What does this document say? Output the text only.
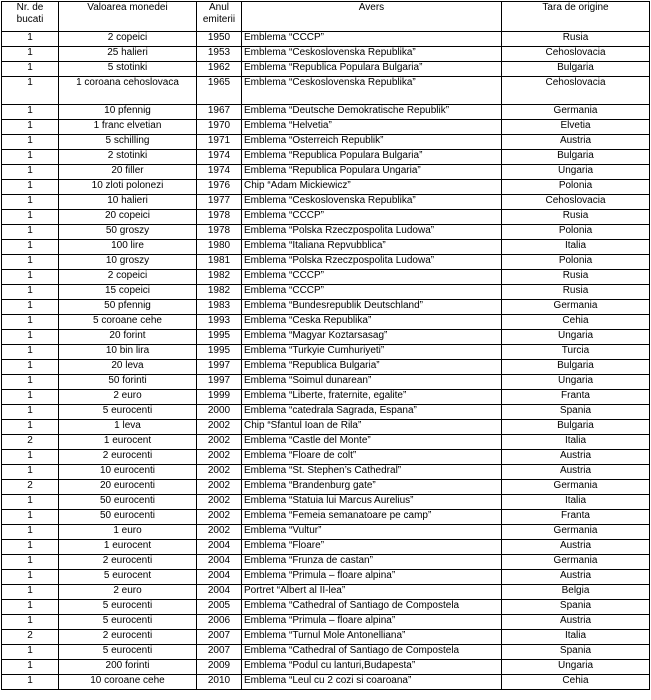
Nr. de bucati	Valoarea monedei	Anul emiterii	Avers	Tara de origine
1	2 copeici	1950	Emblema “CCCP”	Rusia
1	25 halieri	1953	Emblema “Ceskoslovenska Republika”	Cehoslovacia
1	5 stotinki	1962	Emblema “Republica Populara Bulgaria”	Bulgaria
1	1 coroana cehoslovaca	1965	Emblema “Ceskoslovenska Republika”	Cehoslovacia
1	10 pfennig	1967	Emblema “Deutsche Demokratische Republik”	Germania
1	1 franc elvetian	1970	Emblema “Helvetia”	Elvetia
1	5 schilling	1971	Emblema “Osterreich Republik”	Austria
1	2 stotinki	1974	Emblema “Republica Populara Bulgaria”	Bulgaria
1	20 filler	1974	Emblema “Republica Populara Ungaria”	Ungaria
1	10 zloti polonezi	1976	Chip “Adam Mickiewicz”	Polonia
1	10 halieri	1977	Emblema “Ceskoslovenska Republika”	Cehoslovacia
1	20 copeici	1978	Emblema “CCCP”	Rusia
1	50 groszy	1978	Emblema “Polska Rzeczpospolita Ludowa”	Polonia
1	100 lire	1980	Emblema “Italiana Repvubblica”	Italia
1	10 groszy	1981	Emblema “Polska Rzeczpospolita Ludowa”	Polonia
1	2 copeici	1982	Emblema “CCCP”	Rusia
1	15 copeici	1982	Emblema “CCCP”	Rusia
1	50 pfennig	1983	Emblema “Bundesrepublik Deutschland”	Germania
1	5 coroane cehe	1993	Emblema “Ceska Republika”	Cehia
1	20 forint	1995	Emblema “Magyar Koztarsasag”	Ungaria
1	10 bin lira	1995	Emblema “Turkyie Cumhuriyeti”	Turcia
1	20 leva	1997	Emblema “Republica Bulgaria”	Bulgaria
1	50 forinti	1997	Emblema “Soimul dunarean”	Ungaria
1	2 euro	1999	Emblema “Liberte, fraternite, egalite”	Franta
1	5 eurocenti	2000	Emblema “catedrala Sagrada, Espana”	Spania
1	1 leva	2002	Chip “Sfantul Ioan de Rila”	Bulgaria
2	1 eurocent	2002	Emblema “Castle del Monte”	Italia
1	2 eurocenti	2002	Emblema “Floare de colt”	Austria
1	10 eurocenti	2002	Emblema “St. Stephen’s Cathedral”	Austria
2	20 eurocenti	2002	Emblema “Brandenburg gate”	Germania
1	50 eurocenti	2002	Emblema “Statuia lui Marcus Aurelius”	Italia
1	50 eurocenti	2002	Emblema “Femeia semanatoare pe camp”	Franta
1	1 euro	2002	Emblema “Vultur”	Germania
1	1 eurocent	2004	Emblema “Floare”	Austria
1	2 eurocenti	2004	Emblema “Frunza de castan”	Germania
1	5 eurocent	2004	Emblema “Primula – floare alpina”	Austria
1	2 euro	2004	Portret “Albert al II-lea”	Belgia
1	5 eurocenti	2005	Emblema “Cathedral of Santiago de Compostela	Spania
1	5 eurocenti	2006	Emblema “Primula – floare alpina”	Austria
2	2 eurocenti	2007	Emblema “Turnul Mole Antonelliana”	Italia
1	5 eurocenti	2007	Emblema “Cathedral of Santiago de Compostela	Spania
1	200 forinti	2009	Emblema “Podul cu lanturi,Budapesta”	Ungaria
1	10 coroane cehe	2010	Emblema “Leul cu 2 cozi si coaroana”	Cehia
